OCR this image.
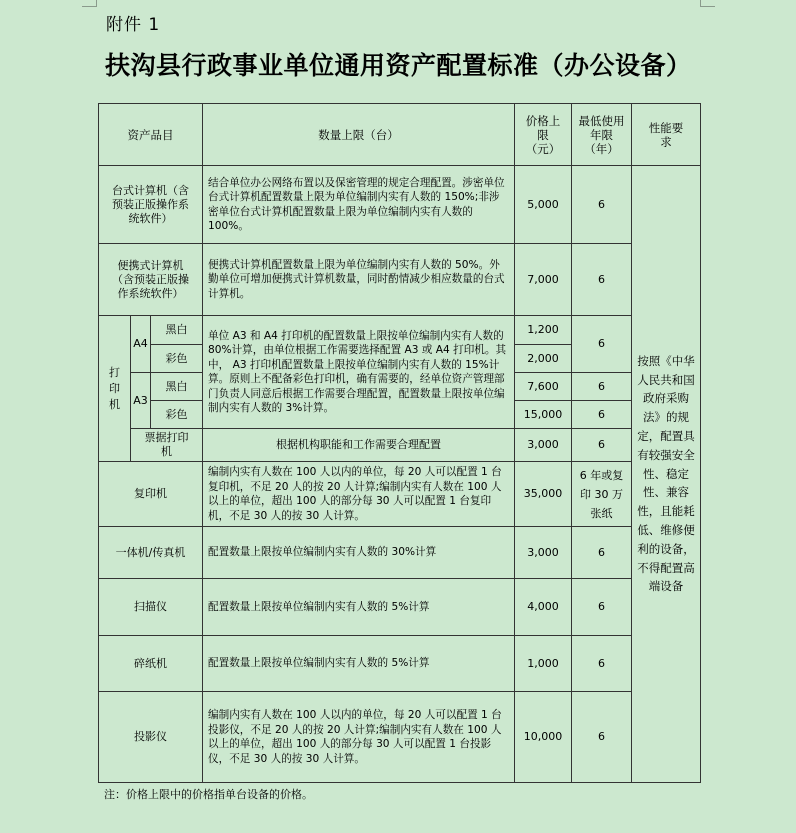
附件 1
扶沟县行政事业单位通用资产配置标准（办公设备）
资产品目			数量上限（台）	价格上限（元）	最低使用年限（年）	性能要求
台式计算机（含预装正版操作系统软件）			结合单位办公网络布置以及保密管理的规定合理配置。涉密单位台式计算机配置数量上限为单位编制内实有人数的 150%;非涉密单位台式计算机配置数量上限为单位编制内实有人数的 100%。	5,000	6	按照《中华人民共和国政府采购法》的规定，配置具有较强安全性、稳定性、兼容性，且能耗低、维修便利的设备，不得配置高端设备
便携式计算机（含预装正版操作系统软件）			便携式计算机配置数量上限为单位编制内实有人数的 50%。外勤单位可增加便携式计算机数量，同时酌情减少相应数量的台式计算机。	7,000	6	

打印机	A4	黑白	单位 A3 和 A4 打印机的配置数量上限按单位编制内实有人数的 80%计算，由单位根据工作需要选择配置 A3 或 A4 打印机。其中， A3 打印机配置数量上限按单位编制内实有人数的 15%计算。原则上不配备彩色打印机，确有需要的，经单位资产管理部门负责人同意后根据工作需要合理配置，配置数量上限按单位编制内实有人数的 3%计算。	1,200	6	
		彩色		2,000		

	A3	黑白		7,600	6	
		彩色		15,000	6	
	票据打印机		根据机构职能和工作需要合理配置	3,000	6	
复印机			编制内实有人数在 100 人以内的单位，每 20 人可以配置 1 台复印机，不足 20 人的按 20 人计算;编制内实有人数在 100 人以上的单位，超出 100 人的部分每 30 人可以配置 1 台复印机，不足 30 人的按 30 人计算。	35,000	6 年或复印 30 万张纸	
一体机/传真机			配置数量上限按单位编制内实有人数的 30%计算	3,000	6	
扫描仪			配置数量上限按单位编制内实有人数的 5%计算	4,000	6	
碎纸机			配置数量上限按单位编制内实有人数的 5%计算	1,000	6	
投影仪			编制内实有人数在 100 人以内的单位，每 20 人可以配置 1 台投影仪，不足 20 人的按 20 人计算;编制内实有人数在 100 人以上的单位，超出 100 人的部分每 30 人可以配置 1 台投影仪，不足 30 人的按 30 人计算。	10,000	6	
注：价格上限中的价格指单台设备的价格。
